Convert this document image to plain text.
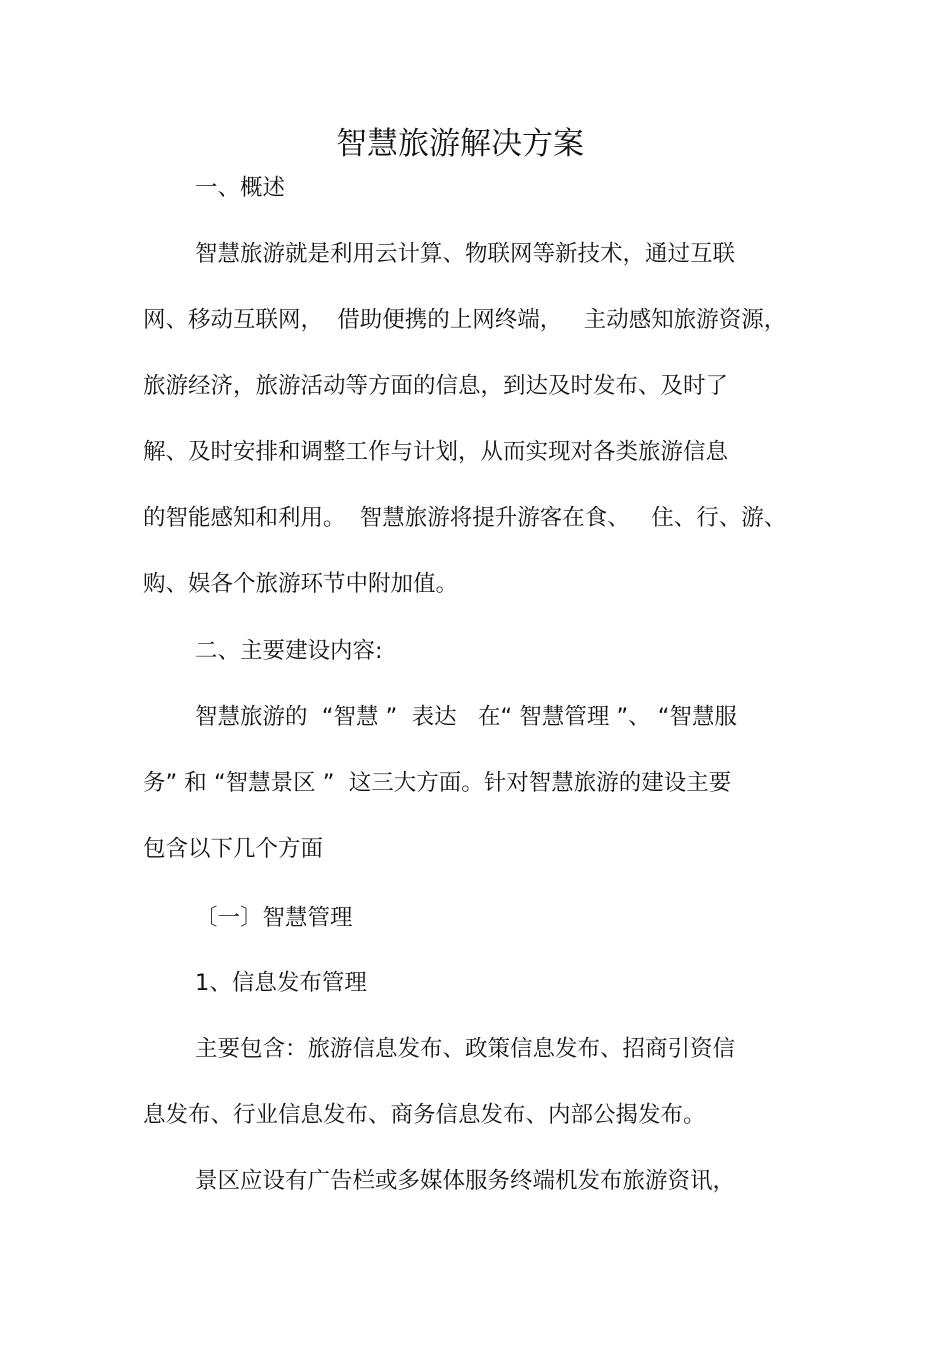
智慧旅游解决方案
一、概述
智慧旅游就是利用云计算、物联网等新技术，通过互联
网、移动互联网，  借助便携的上网终端，   主动感知旅游资源，
旅游经济，旅游活动等方面的信息，到达及时发布、及时了
解、及时安排和调整工作与计划，从而实现对各类旅游信息
的智能感知和利用。  智慧旅游将提升游客在食、   住、行、游、
购、娱各个旅游环节中附加值。
二、主要建设内容:
智慧旅游的  “智慧 ”  表达   在“ 智慧管理 ”、 “智慧服
务” 和 “智慧景区 ”  这三大方面。针对智慧旅游的建设主要
包含以下几个方面
〔一〕智慧管理
1、信息发布管理
主要包含：旅游信息发布、政策信息发布、招商引资信
息发布、行业信息发布、商务信息发布、内部公揭发布。
景区应设有广告栏或多媒体服务终端机发布旅游资讯，
